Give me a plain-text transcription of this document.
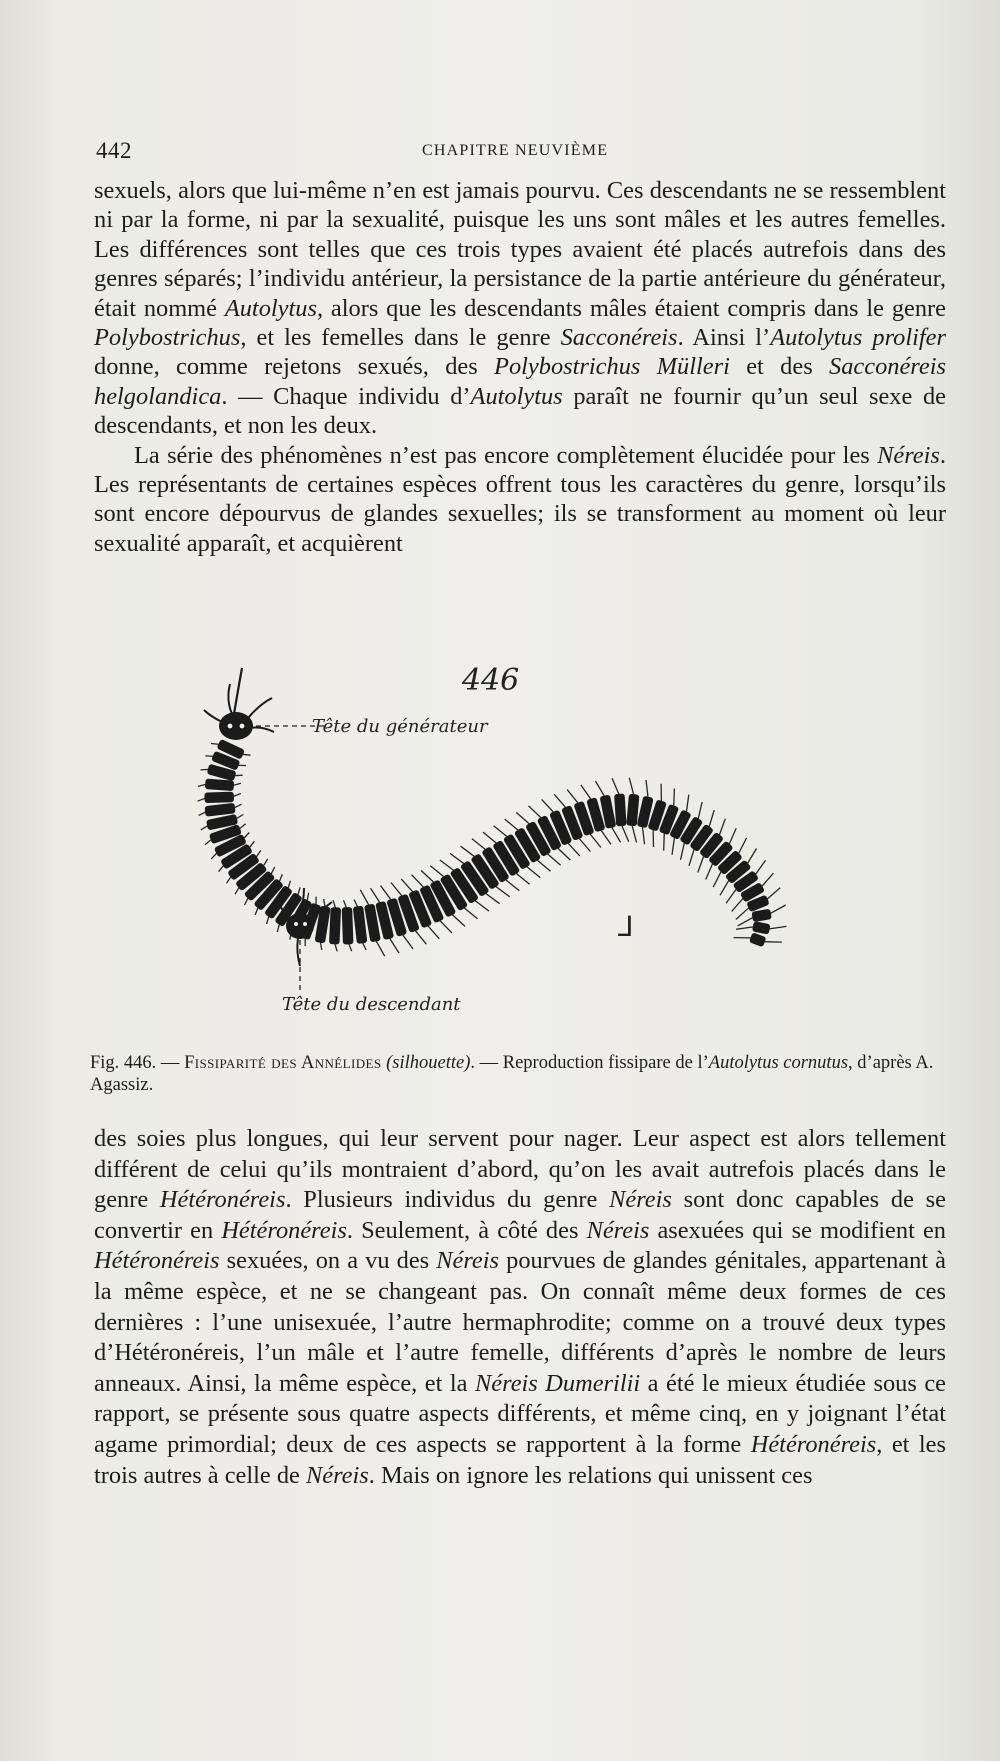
442	CHAPITRE NEUVIÈME

sexuels, alors que lui-même n’en est jamais pourvu. Ces descendants ne se ressemblent ni par la forme, ni par la sexualité, puisque les uns sont mâles et les autres femelles. Les différences sont telles que ces trois types avaient été placés autrefois dans des genres séparés; l’individu antérieur, la persistance de la partie antérieure du générateur, était nommé Autolytus, alors que les descendants mâles étaient compris dans le genre Polybostrichus, et les femelles dans le genre Sacconéreis. Ainsi l’Autolytus prolifer donne, comme rejetons sexués, des Polybostrichus Mülleri et des Sacconéreis helgolandica. — Chaque individu d’Autolytus paraît ne fournir qu’un seul sexe de descendants, et non les deux.

La série des phénomènes n’est pas encore complètement élucidée pour les Néreis. Les représentants de certaines espèces offrent tous les caractères du genre, lorsqu’ils sont encore dépourvus de glandes sexuelles; ils se transforment au moment où leur sexualité apparaît, et acquièrent

446
Tête du générateur
Tête du descendant
⅃
Fig. 446. — Fissiparité des Annélides (silhouette). — Reproduction fissipare de l’Autolytus cornutus, d’après A. Agassiz.

des soies plus longues, qui leur servent pour nager. Leur aspect est alors tellement différent de celui qu’ils montraient d’abord, qu’on les avait autrefois placés dans le genre Hétéronéreis. Plusieurs individus du genre Néreis sont donc capables de se convertir en Hétéronéreis. Seulement, à côté des Néreis asexuées qui se modifient en Hétéronéreis sexuées, on a vu des Néreis pourvues de glandes génitales, appartenant à la même espèce, et ne se changeant pas. On connaît même deux formes de ces dernières : l’une unisexuée, l’autre hermaphrodite; comme on a trouvé deux types d’Hétéronéreis, l’un mâle et l’autre femelle, différents d’après le nombre de leurs anneaux. Ainsi, la même espèce, et la Néreis Dumerilii a été le mieux étudiée sous ce rapport, se présente sous quatre aspects différents, et même cinq, en y joignant l’état agame primordial; deux de ces aspects se rapportent à la forme Hétéronéreis, et les trois autres à celle de Néreis. Mais on ignore les relations qui unissent ces
